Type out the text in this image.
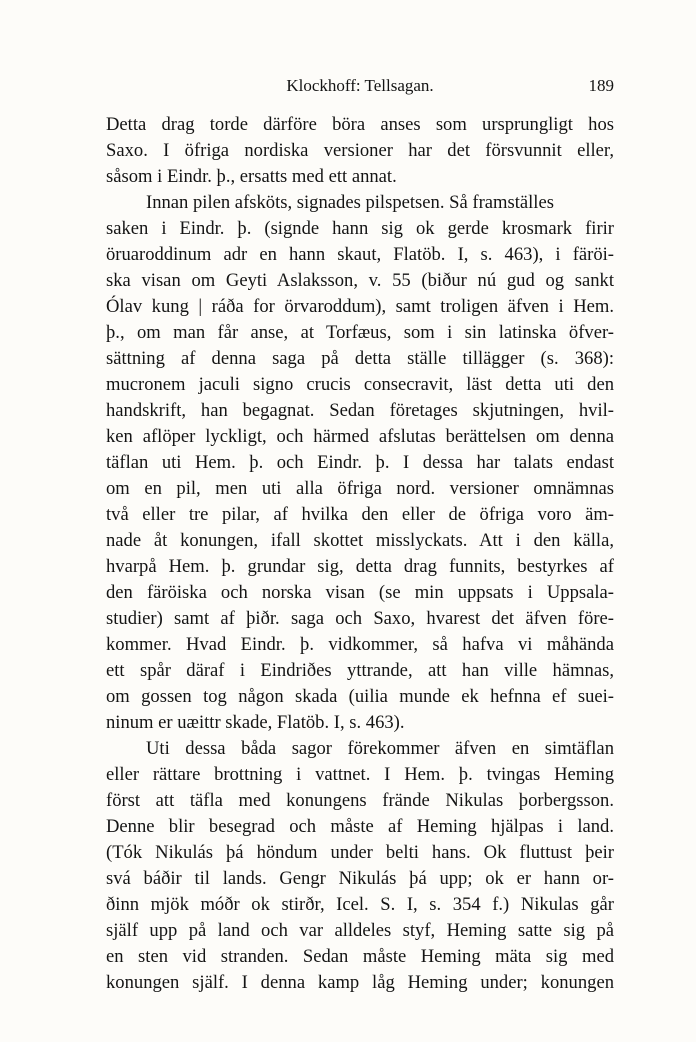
Klockhoff: Tellsagan.	189
Detta drag torde därföre böra anses som ursprungligt hos
Saxo. I öfriga nordiska versioner har det försvunnit eller,
såsom i Eindr. þ., ersatts med ett annat.
Innan pilen afsköts, signades pilspetsen. Så framställes
saken i Eindr. þ. (signde hann sig ok gerde krosmark firir
öruaroddinum adr en hann skaut, Flatöb. I, s. 463), i färöi-
ska visan om Geyti Aslaksson, v. 55 (biður nú gud og sankt
Ólav kung | ráða for örvaroddum), samt troligen äfven i Hem.
þ., om man får anse, at Torfæus, som i sin latinska öfver-
sättning af denna saga på detta ställe tillägger (s. 368):
mucronem jaculi signo crucis consecravit, läst detta uti den
handskrift, han begagnat. Sedan företages skjutningen, hvil-
ken aflöper lyckligt, och härmed afslutas berättelsen om denna
täflan uti Hem. þ. och Eindr. þ. I dessa har talats endast
om en pil, men uti alla öfriga nord. versioner omnämnas
två eller tre pilar, af hvilka den eller de öfriga voro äm-
nade åt konungen, ifall skottet misslyckats. Att i den källa,
hvarpå Hem. þ. grundar sig, detta drag funnits, bestyrkes af
den färöiska och norska visan (se min uppsats i Uppsala-
studier) samt af þiðr. saga och Saxo, hvarest det äfven före-
kommer. Hvad Eindr. þ. vidkommer, så hafva vi måhända
ett spår däraf i Eindriðes yttrande, att han ville hämnas,
om gossen tog någon skada (uilia munde ek hefnna ef suei-
ninum er uæittr skade, Flatöb. I, s. 463).
Uti dessa båda sagor förekommer äfven en simtäflan
eller rättare brottning i vattnet. I Hem. þ. tvingas Heming
först att täfla med konungens frände Nikulas þorbergsson.
Denne blir besegrad och måste af Heming hjälpas i land.
(Tók Nikulás þá höndum under belti hans. Ok fluttust þeir
svá báðir til lands. Gengr Nikulás þá upp; ok er hann or-
ðinn mjök móðr ok stirðr, Icel. S. I, s. 354 f.) Nikulas går
själf upp på land och var alldeles styf, Heming satte sig på
en sten vid stranden. Sedan måste Heming mäta sig med
konungen själf. I denna kamp låg Heming under; konungen
